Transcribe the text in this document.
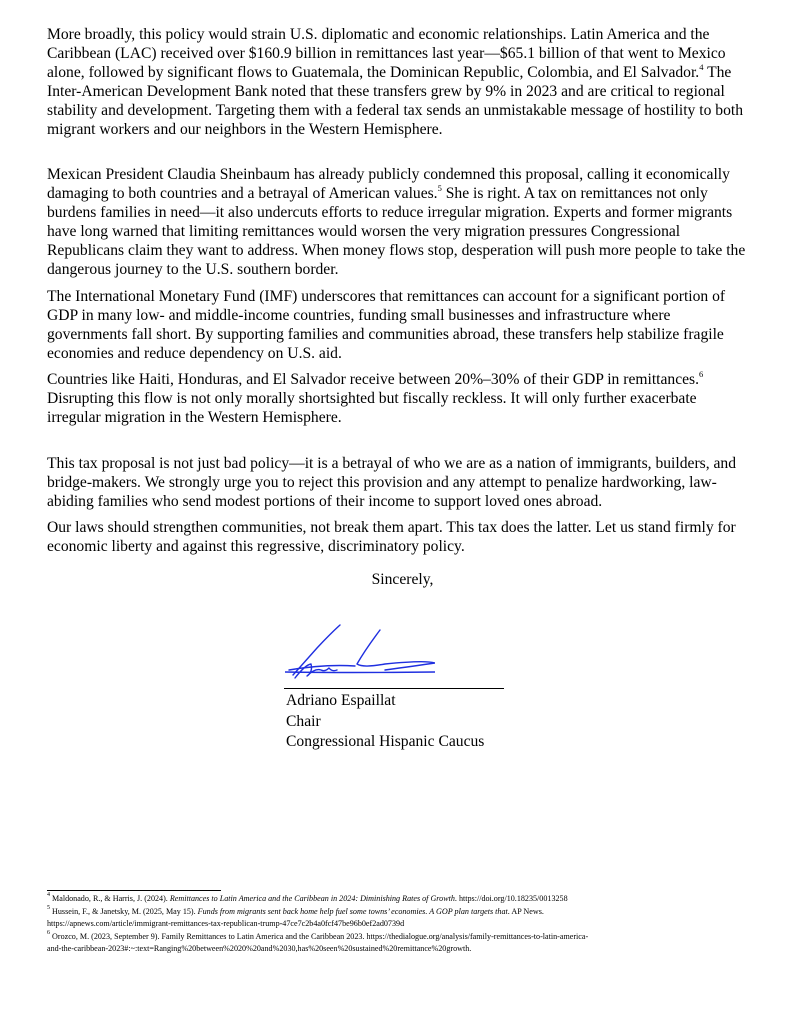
More broadly, this policy would strain U.S. diplomatic and economic relationships. Latin America and the
Caribbean (LAC) received over $160.9 billion in remittances last year—$65.1 billion of that went to Mexico
alone, followed by significant flows to Guatemala, the Dominican Republic, Colombia, and El Salvador.$^4$ The
Inter-American Development Bank noted that these transfers grew by 9% in 2023 and are critical to regional
stability and development. Targeting them with a federal tax sends an unmistakable message of hostility to both
migrant workers and our neighbors in the Western Hemisphere.
Mexican President Claudia Sheinbaum has already publicly condemned this proposal, calling it economically
damaging to both countries and a betrayal of American values.$^5$ She is right. A tax on remittances not only
burdens families in need—it also undercuts efforts to reduce irregular migration. Experts and former migrants
have long warned that limiting remittances would worsen the very migration pressures Congressional
Republicans claim they want to address. When money flows stop, desperation will push more people to take the
dangerous journey to the U.S. southern border.
The International Monetary Fund (IMF) underscores that remittances can account for a significant portion of
GDP in many low- and middle-income countries, funding small businesses and infrastructure where
governments fall short. By supporting families and communities abroad, these transfers help stabilize fragile
economies and reduce dependency on U.S. aid.
Countries like Haiti, Honduras, and El Salvador receive between 20%–30% of their GDP in remittances.$^6$
Disrupting this flow is not only morally shortsighted but fiscally reckless. It will only further exacerbate
irregular migration in the Western Hemisphere.
This tax proposal is not just bad policy—it is a betrayal of who we are as a nation of immigrants, builders, and
bridge-makers. We strongly urge you to reject this provision and any attempt to penalize hardworking, law-
abiding families who send modest portions of their income to support loved ones abroad.
Our laws should strengthen communities, not break them apart. This tax does the latter. Let us stand firmly for
economic liberty and against this regressive, discriminatory policy.
Sincerely,
Adriano Espaillat
Chair
Congressional Hispanic Caucus
$^4$ Maldonado, R., & Harris, J. (2024). Remittances to Latin America and the Caribbean in 2024: Diminishing Rates of Growth. https://doi.org/10.18235/0013258
$^5$ Hussein, F., & Janetsky, M. (2025, May 15). Funds from migrants sent back home help fuel some towns’ economies. A GOP plan targets that. AP News.
https://apnews.com/article/immigrant-remittances-tax-republican-trump-47ce7c2b4a0fcf47be96b0ef2ad0739d
$^6$ Orozco, M. (2023, September 9). Family Remittances to Latin America and the Caribbean 2023. https://thedialogue.org/analysis/family-remittances-to-latin-america-
and-the-caribbean-2023#:~:text=Ranging%20between%2020%20and%2030,has%20seen%20sustained%20remittance%20growth.
